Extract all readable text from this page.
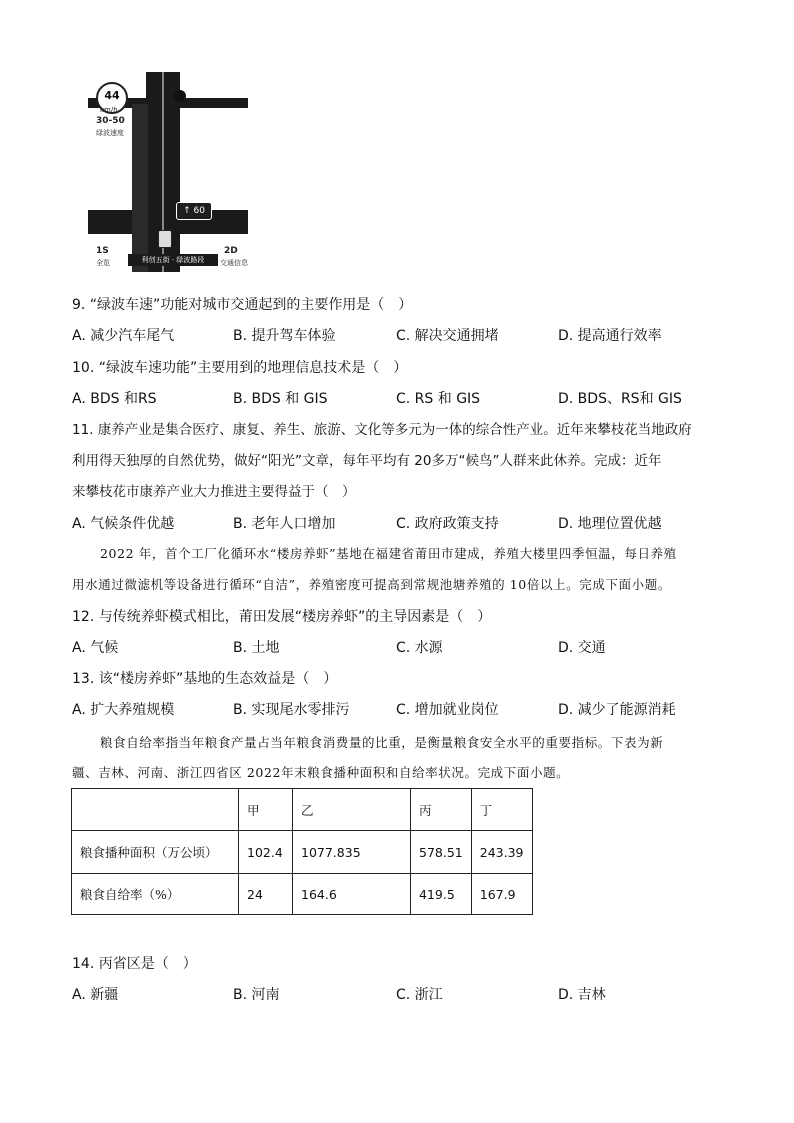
44
km/h
30-50
绿波速度
↑ 60
1S
全览	利创五街 · 绿波路段
2D
交通信息
9. “绿波车速”功能对城市交通起到的主要作用是（　）
A. 减少汽车尾气	B. 提升驾车体验	C. 解决交通拥堵	D. 提高通行效率
10. “绿波车速功能”主要用到的地理信息技术是（　）
A. BDS 和RS	B. BDS 和 GIS	C. RS 和 GIS	D. BDS、RS和 GIS
11. 康养产业是集合医疗、康复、养生、旅游、文化等多元为一体的综合性产业。近年来攀枝花当地政府
利用得天独厚的自然优势，做好“阳光”文章，每年平均有 20多万“候鸟”人群来此休养。完成：近年
来攀枝花市康养产业大力推进主要得益于（　）
A. 气候条件优越	B. 老年人口增加	C. 政府政策支持	D. 地理位置优越
2022 年，首个工厂化循环水“楼房养虾”基地在福建省莆田市建成，养殖大楼里四季恒温，每日养殖
用水通过微滤机等设备进行循环“自洁”，养殖密度可提高到常规池塘养殖的 10倍以上。完成下面小题。
12. 与传统养虾模式相比，莆田发展“楼房养虾”的主导因素是（　）
A. 气候	B. 土地	C. 水源	D. 交通
13. 该“楼房养虾”基地的生态效益是（　）
A. 扩大养殖规模	B. 实现尾水零排污	C. 增加就业岗位	D. 减少了能源消耗
粮食自给率指当年粮食产量占当年粮食消费量的比重，是衡量粮食安全水平的重要指标。下表为新
疆、吉林、河南、浙江四省区 2022年末粮食播种面积和自给率状况。完成下面小题。
	甲	乙	丙	丁
粮食播种面积（万公顷）	102.4	1077.835	578.51	243.39
粮食自给率（%）	24	164.6	419.5	167.9
14. 丙省区是（　）
A. 新疆	B. 河南	C. 浙江	D. 吉林
